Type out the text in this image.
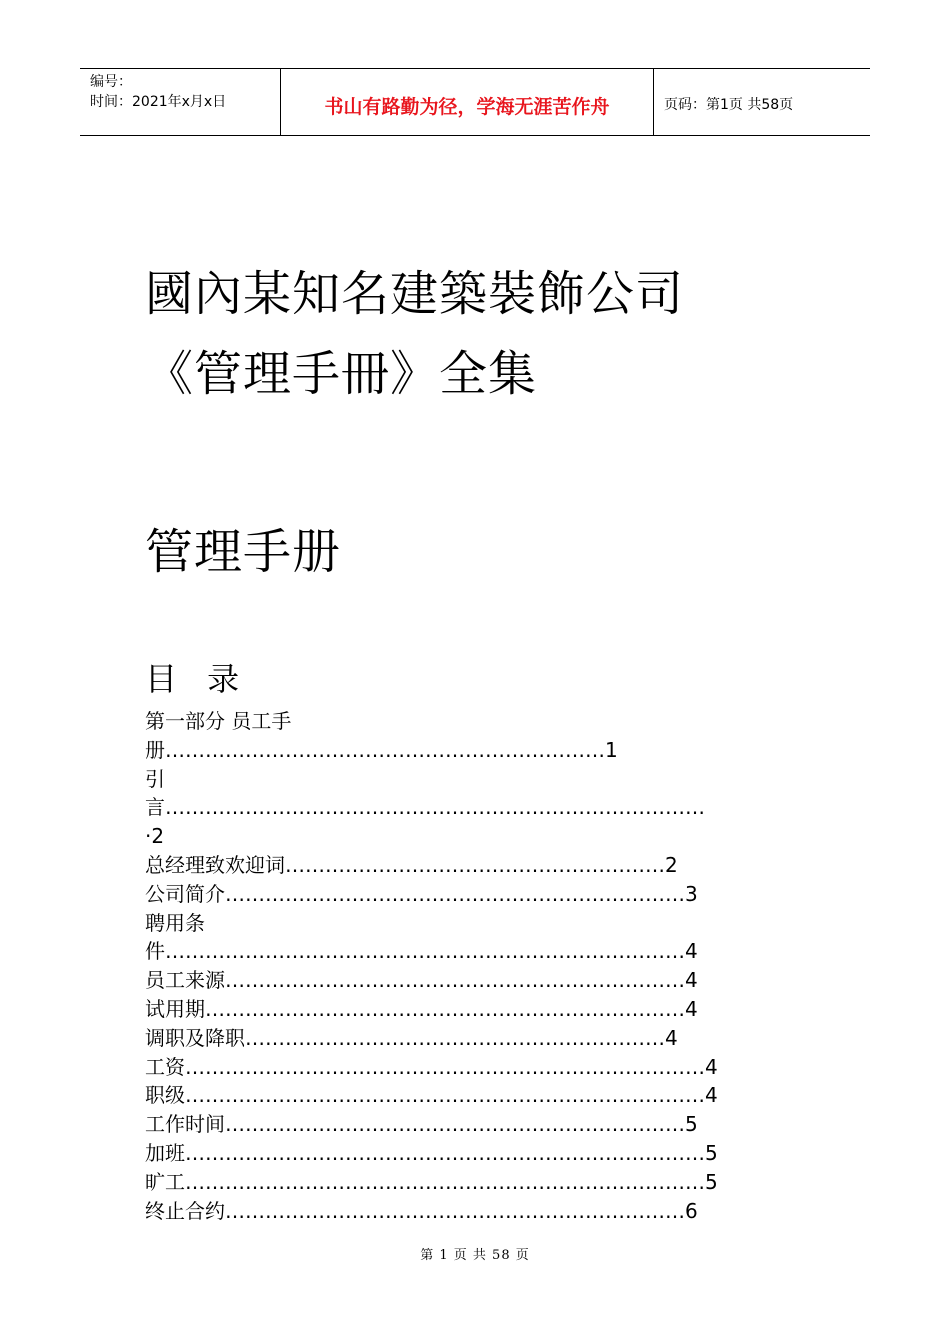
编号：
时间：2021年x月x日	书山有路勤为径，学海无涯苦作舟	页码：第1页 共58页
國內某知名建築裝飾公司
《管理手冊》全集
管理手册
目 录
第一部分 员工手
册…………………………………………………………1
引
言………………………………………………………………………
·2
总经理致欢迎词…………………………………………………2
公司简介……………………………………………………………3
聘用条
件……………………………………………………………………4
员工来源……………………………………………………………4
试用期………………………………………………………………4
调职及降职………………………………………………………4
工资……………………………………………………………………4
职级……………………………………………………………………4
工作时间……………………………………………………………5
加班……………………………………………………………………5
旷工……………………………………………………………………5
终止合约……………………………………………………………6
第 1 页 共 58 页
